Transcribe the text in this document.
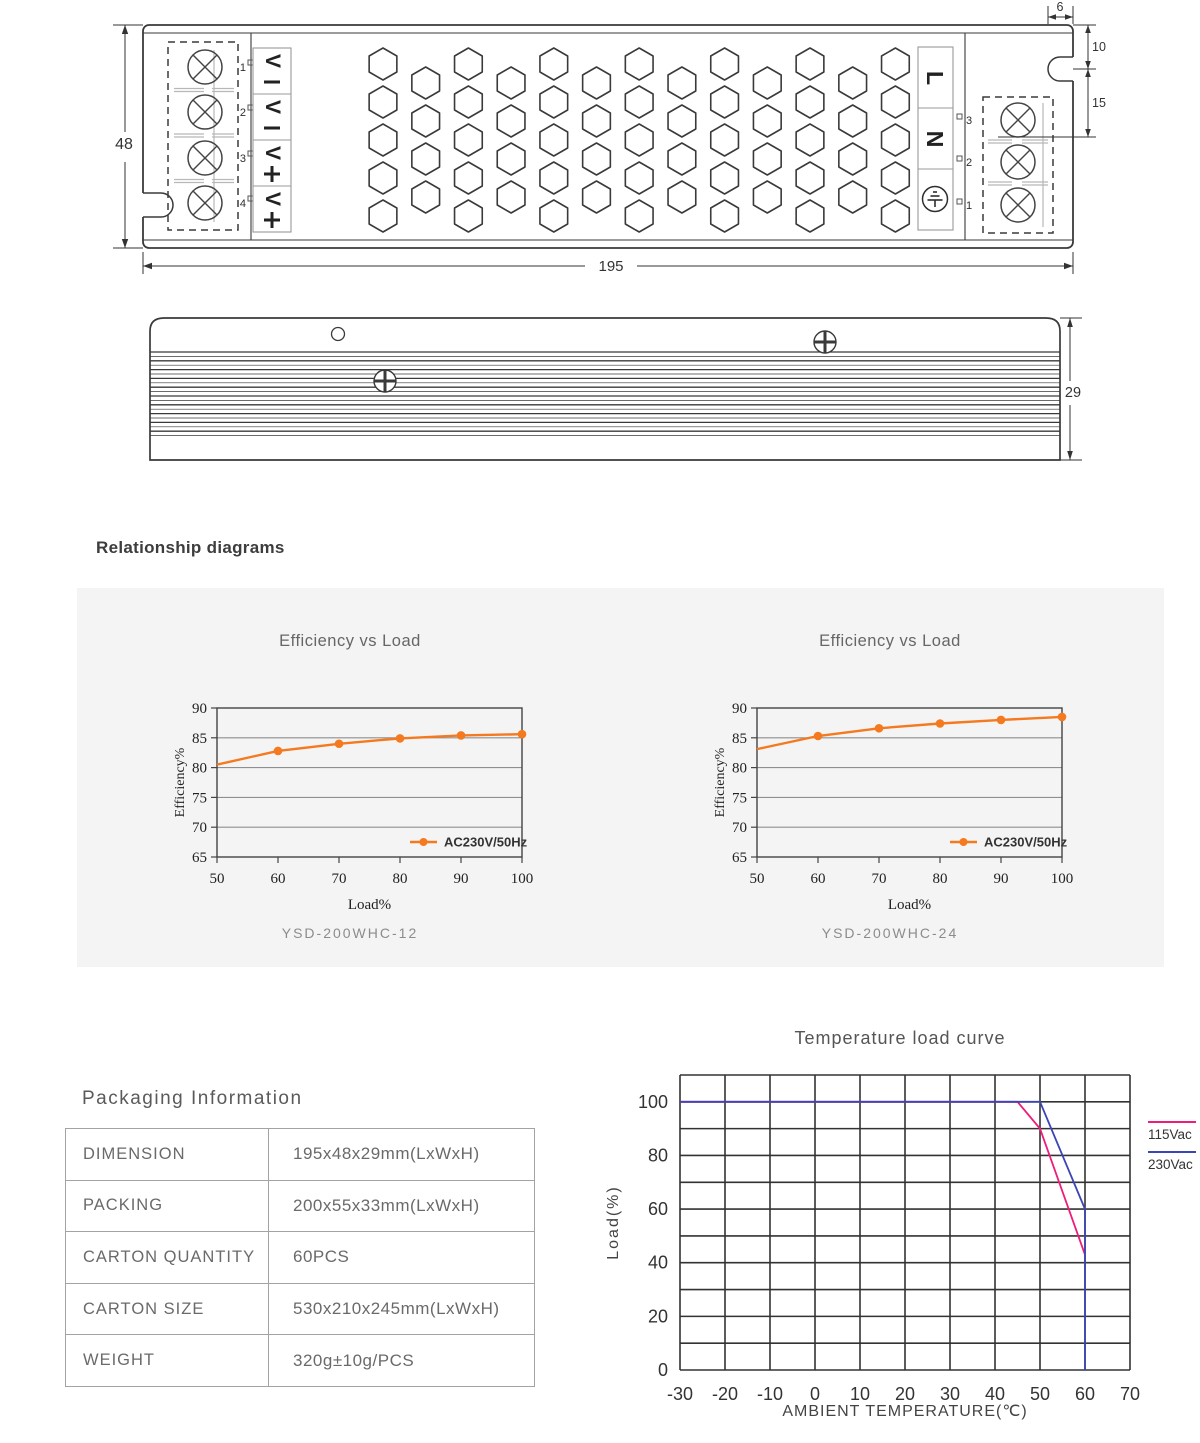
1
2
3
4
V
V
V
V
L
N
3
2
1
48
195
6
10
15
29
Relationship diagrams
Efficiency vs Load	Efficiency vs Load
65
70
75
80
85
90
50	60	70	80	90	100
Efficiency%
Load%
AC230V/50Hz
65
70
75
80
85
90
50	60	70	80	90	100
Efficiency%
Load%
AC230V/50Hz
YSD-200WHC-12	YSD-200WHC-24
Temperature load curve
0
20
40
60
80
100
-30 -20 -10 0 10 20 30 40 50 60 70
Load(%)
AMBIENT TEMPERATURE(℃)
115Vac
230Vac
Packaging Information
DIMENSION	195x48x29mm(LxWxH)
PACKING	200x55x33mm(LxWxH)
CARTON QUANTITY	60PCS
CARTON SIZE	530x210x245mm(LxWxH)
WEIGHT	320g±10g/PCS
